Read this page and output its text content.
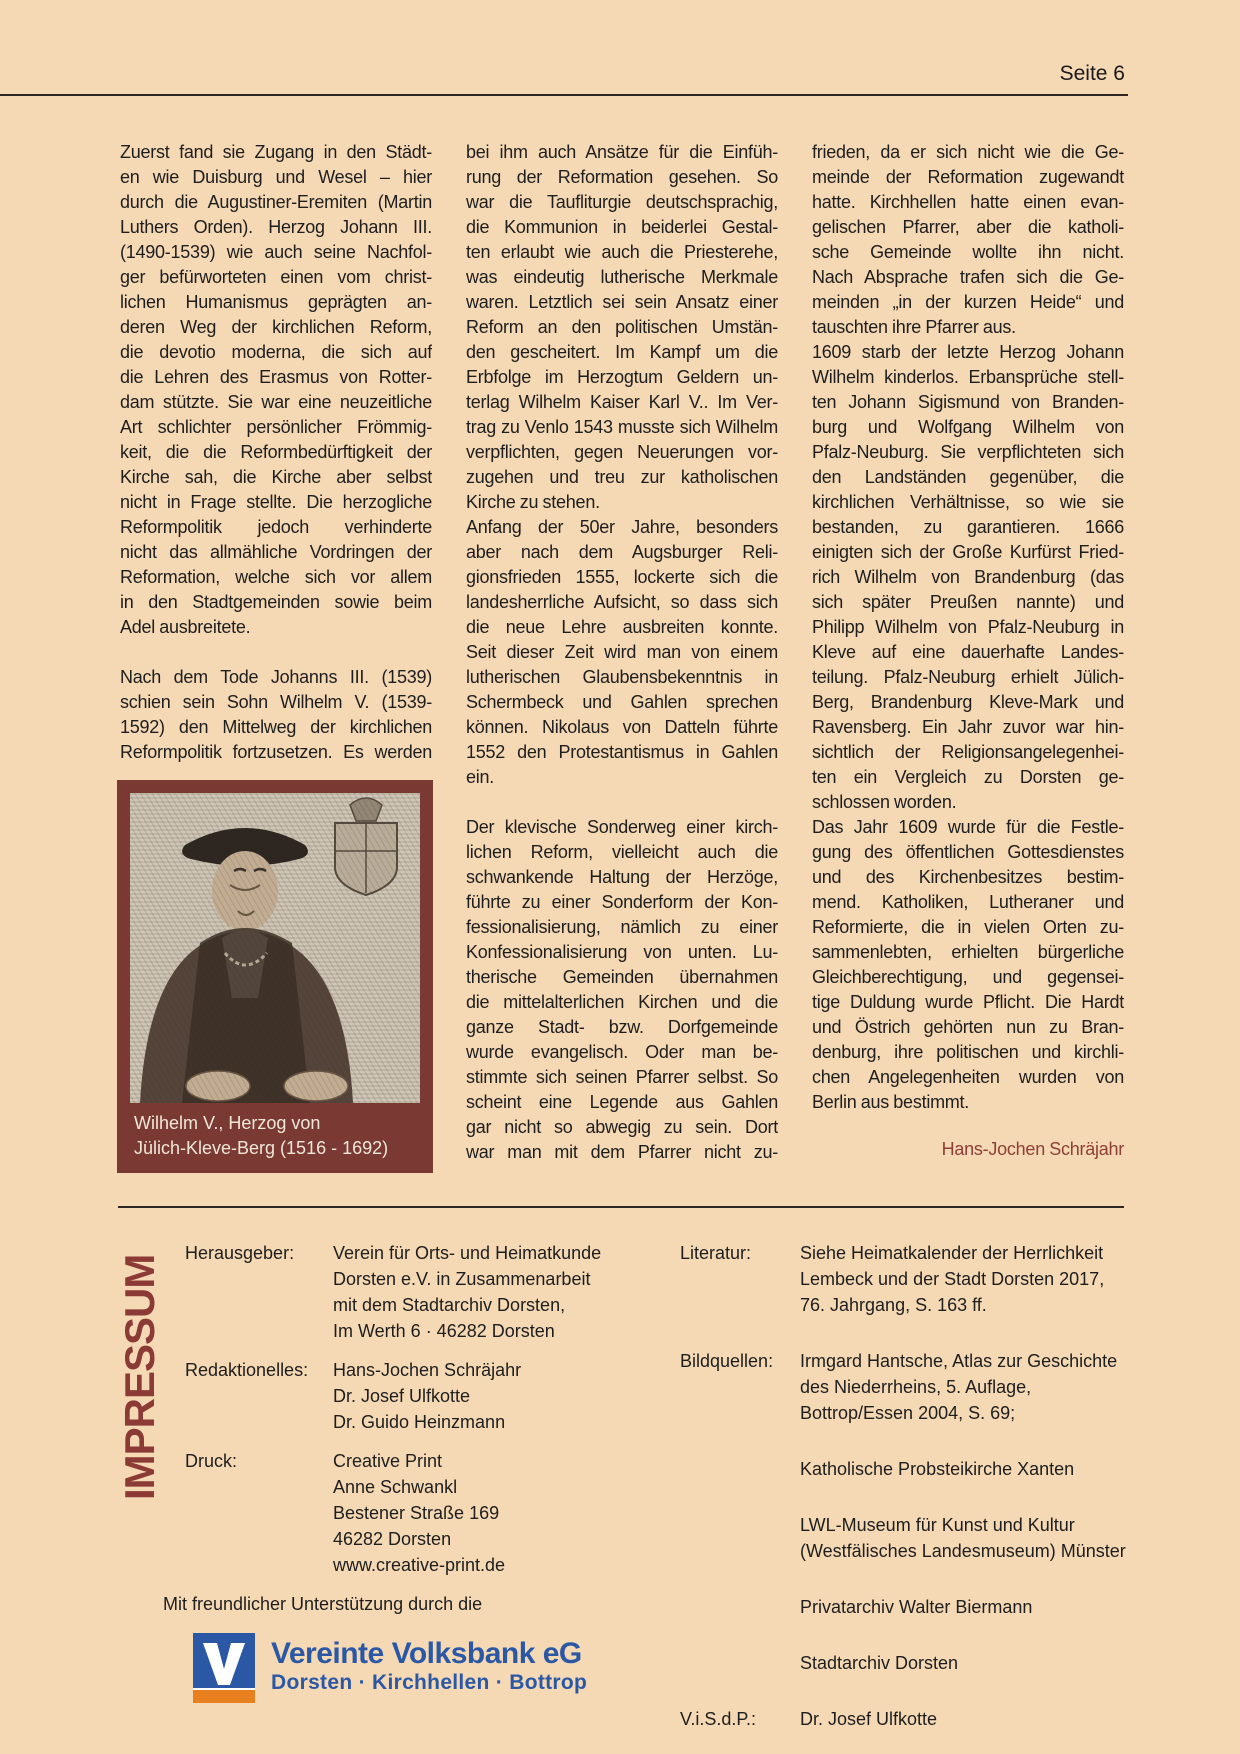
Seite 6
Zuerst fand sie Zugang in den Städt-
en wie Duisburg und Wesel – hier
durch die Augustiner-Eremiten (Martin
Luthers Orden). Herzog Johann III.
(1490-1539) wie auch seine Nachfol-
ger befürworteten einen vom christ-
lichen Humanismus geprägten an-
deren Weg der kirchlichen Reform,
die devotio moderna, die sich auf
die Lehren des Erasmus von Rotter-
dam stützte. Sie war eine neuzeitliche
Art schlichter persönlicher Frömmig-
keit, die die Reformbedürftigkeit der
Kirche sah, die Kirche aber selbst
nicht in Frage stellte. Die herzogliche
Reformpolitik jedoch verhinderte
nicht das allmähliche Vordringen der
Reformation, welche sich vor allem
in den Stadtgemeinden sowie beim
Adel ausbreitete.
Nach dem Tode Johanns III. (1539)
schien sein Sohn Wilhelm V. (1539-
1592) den Mittelweg der kirchlichen
Reformpolitik fortzusetzen. Es werden
bei ihm auch Ansätze für die Einfüh-
rung der Reformation gesehen. So
war die Taufliturgie deutschsprachig,
die Kommunion in beiderlei Gestal-
ten erlaubt wie auch die Priesterehe,
was eindeutig lutherische Merkmale
waren. Letztlich sei sein Ansatz einer
Reform an den politischen Umstän-
den gescheitert. Im Kampf um die
Erbfolge im Herzogtum Geldern un-
terlag Wilhelm Kaiser Karl V.. Im Ver-
trag zu Venlo 1543 musste sich Wilhelm
verpflichten, gegen Neuerungen vor-
zugehen und treu zur katholischen
Kirche zu stehen.
Anfang der 50er Jahre, besonders
aber nach dem Augsburger Reli-
gionsfrieden 1555, lockerte sich die
landesherrliche Aufsicht, so dass sich
die neue Lehre ausbreiten konnte.
Seit dieser Zeit wird man von einem
lutherischen Glaubensbekenntnis in
Schermbeck und Gahlen sprechen
können. Nikolaus von Datteln führte
1552 den Protestantismus in Gahlen
ein.
Der klevische Sonderweg einer kirch-
lichen Reform, vielleicht auch die
schwankende Haltung der Herzöge,
führte zu einer Sonderform der Kon-
fessionalisierung, nämlich zu einer
Konfessionalisierung von unten. Lu-
therische Gemeinden übernahmen
die mittelalterlichen Kirchen und die
ganze Stadt- bzw. Dorfgemeinde
wurde evangelisch. Oder man be-
stimmte sich seinen Pfarrer selbst. So
scheint eine Legende aus Gahlen
gar nicht so abwegig zu sein. Dort
war man mit dem Pfarrer nicht zu-
frieden, da er sich nicht wie die Ge-
meinde der Reformation zugewandt
hatte. Kirchhellen hatte einen evan-
gelischen Pfarrer, aber die katholi-
sche Gemeinde wollte ihn nicht.
Nach Absprache trafen sich die Ge-
meinden „in der kurzen Heide“ und
tauschten ihre Pfarrer aus.
1609 starb der letzte Herzog Johann
Wilhelm kinderlos. Erbansprüche stell-
ten Johann Sigismund von Branden-
burg und Wolfgang Wilhelm von
Pfalz-Neuburg. Sie verpflichteten sich
den Landständen gegenüber, die
kirchlichen Verhältnisse, so wie sie
bestanden, zu garantieren. 1666
einigten sich der Große Kurfürst Fried-
rich Wilhelm von Brandenburg (das
sich später Preußen nannte) und
Philipp Wilhelm von Pfalz-Neuburg in
Kleve auf eine dauerhafte Landes-
teilung. Pfalz-Neuburg erhielt Jülich-
Berg, Brandenburg Kleve-Mark und
Ravensberg. Ein Jahr zuvor war hin-
sichtlich der Religionsangelegenhei-
ten ein Vergleich zu Dorsten ge-
schlossen worden.
Das Jahr 1609 wurde für die Festle-
gung des öffentlichen Gottesdienstes
und des Kirchenbesitzes bestim-
mend. Katholiken, Lutheraner und
Reformierte, die in vielen Orten zu-
sammenlebten, erhielten bürgerliche
Gleichberechtigung, und gegensei-
tige Duldung wurde Pflicht. Die Hardt
und Östrich gehörten nun zu Bran-
denburg, ihre politischen und kirchli-
chen Angelegenheiten wurden von
Berlin aus bestimmt.
Hans-Jochen Schräjahr
Wilhelm V., Herzog von
Jülich-Kleve-Berg (1516 - 1692)
IMPRESSUM
Herausgeber:	Verein für Orts- und Heimatkunde
Dorsten e.V. in Zusammenarbeit
mit dem Stadtarchiv Dorsten,
Im Werth 6 · 46282 Dorsten
Redaktionelles:	Hans-Jochen Schräjahr
Dr. Josef Ulfkotte
Dr. Guido Heinzmann
Druck:	Creative Print
Anne Schwankl
Bestener Straße 169
46282 Dorsten
www.creative-print.de
Mit freundlicher Unterstützung durch die
Vereinte Volksbank eG
Dorsten · Kirchhellen · Bottrop
Literatur:	Siehe Heimatkalender der Herrlichkeit
Lembeck und der Stadt Dorsten 2017,
76. Jahrgang, S. 163 ff.
Bildquellen:	Irmgard Hantsche, Atlas zur Geschichte
des Niederrheins, 5. Auflage,
Bottrop/Essen 2004, S. 69;
Katholische Probsteikirche Xanten
LWL-Museum für Kunst und Kultur
(Westfälisches Landesmuseum) Münster
Privatarchiv Walter Biermann
Stadtarchiv Dorsten
V.i.S.d.P.:	Dr. Josef Ulfkotte
